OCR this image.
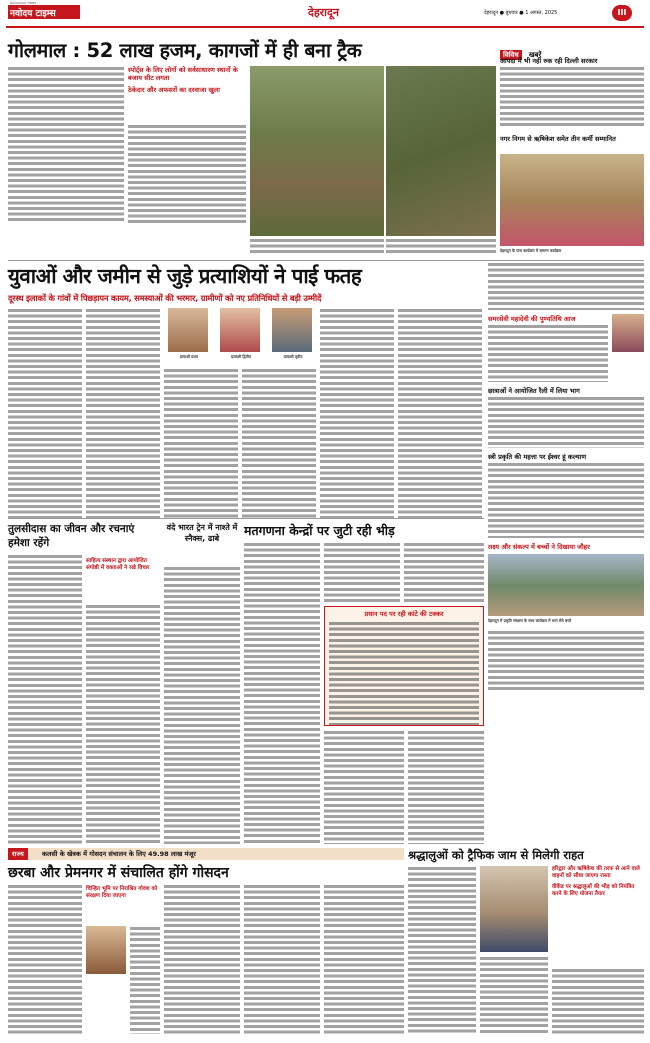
नवोदय टाइम्स
NAVODAYA TIMES
देहरादून	देहरादून ● बुधवार ● 1 अगस्त, 2025	III
गोलमाल : 52 लाख हजम, कागजों में ही बना ट्रैक
स्पोर्ट्स के लिए लोगों को सर्वसाधारण स्थानों के बजाय सीट लगता
ठेकेदार और अफसरों का दरवाजा खुला
विविध खबरें
आपदा में भी नहीं रुक रही दिल्ली सरकार
नगर निगम से ऋषिकेश समेत तीन कर्मी सम्मानित
देहरादून के पास कार्यक्रम में सम्मान कार्यक्रम
युवाओं और जमीन से जुड़े प्रत्याशियों ने पाई फतह
दूरस्थ इलाकों के गांवों में पिछड़ापन कायम, समस्याओं की भरमार, ग्रामीणों को नए प्रतिनिधियों से बड़ी उम्मीदें
प्रत्याशी प्रथम	प्रत्याशी द्वितीय	प्रत्याशी तृतीय
समरसेवी महादेवी की पुण्यतिथि आज
छात्राओं ने आयोजित रैली में लिया भाग
स्त्री प्रकृति की महत्ता पर ईश्वर हूं कल्याण
लक्ष्य और संकल्प में बच्चों ने दिखाया जौहर
देहरादून में प्रकृति संरक्षण के साथ कार्यक्रम में भाग लेते बच्चे
तुलसीदास का जीवन और रचनाएं हमेशा रहेंगे
साहित्य संस्थान द्वारा आयोजित संगोष्ठी में वक्ताओं ने रखे विचार
वंदे भारत ट्रेन में नाश्ते में
स्नैक्स, ढाबे
मतगणना केन्द्रों पर जुटी रही भीड़
प्रधान पद पर रही कांटे की टक्कर
श्रद्धालुओं को ट्रैफिक जाम से मिलेगी राहत
हरिद्वार और ऋषिकेश की तरफ से आने वाले वाहनों को सीधा जाएगा रास्ता
वीकेंड पर श्रद्धालुओं की भीड़ को नियंत्रित करने के लिए योजना तैयार
राज्य	कलसी के खेत्रक में गोसदन संचालन के लिए 49.98 लाख मंजूर
छरबा और प्रेमनगर में संचालित होंगे गोसदन
चिन्हित भूमि पर निराश्रित गोवंश को संरक्षण दिया जाएगा
